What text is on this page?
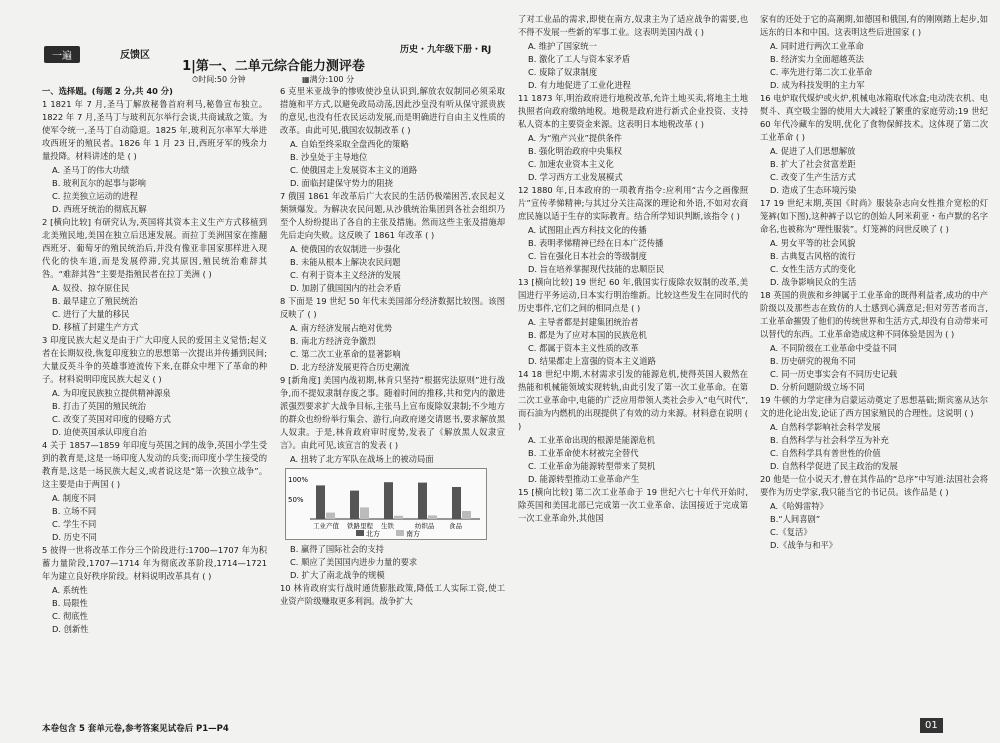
一遍	反馈区	历史・九年级下册・RJ
1|第一、二单元综合能力测评卷
⏱时间:50 分钟	▦满分:100 分
一、选择题。(每题 2 分,共 40 分)
1 1821 年 7 月,圣马丁解放秘鲁首府利马,秘鲁宣布独立。1822 年 7 月,圣马丁与玻利瓦尔举行会谈,共商诚敌之策。为使军令统一,圣马丁自动隐退。1825 年,玻利瓦尔率军大举进攻西班牙的殖民者。1826 年 1 月 23 日,西班牙军的残余力量投降。材料讲述的是 ( )
A. 圣马丁的伟大功绩
B. 玻利瓦尔的起事与影响
C. 拉美独立运动的进程
D. 西班牙统治的彻底瓦解
2 [横向比较] 有研究认为,英国将其资本主义生产方式移植到北美殖民地,美国在独立后迅速发展。而拉丁美洲国家在推翻西班牙、葡萄牙的殖民统治后,并没有像亚非国家那样进入现代化的快车道,而是发展停滞,究其原因,殖民统治难辞其咎。“难辞其咎”主要是指殖民者在拉丁美洲 ( )
A. 奴役、掠夺原住民
B. 最早建立了殖民统治
C. 进行了大量的移民
D. 移植了封建生产方式
3 印度民族大起义是由于广大印度人民的爱国主义觉悟;起义者在长期奴役,恢复印度独立的思想第一次提出并传播到民间;大量反英斗争的英雄事迹流传下来,在群众中埋下了革命的种子。材料说明印度民族大起义 ( )
A. 为印度民族独立提供精神源泉
B. 打击了英国的殖民统治
C. 改变了英国对印度的侵略方式
D. 迫使英国承认印度自治
4 关于 1857—1859 年印度与英国之间的战争,英国小学生受到的教育是,这是一场印度人发动的兵变;而印度小学生接受的教育是,这是一场民族大起义,或者说这是“第一次独立战争”。这主要是由于两国 ( )
A. 制度不同
B. 立场不同
C. 学生不同
D. 历史不同
5 彼得一世将改革工作分三个阶段进行:1700—1707 年为积蓄力量阶段,1707—1714 年为彻底改革阶段,1714—1721 年为建立良好秩序阶段。材料说明改革具有 ( )
A. 系统性
B. 局限性
C. 彻底性
D. 创新性
6 克里米亚战争的惨败使沙皇认识到,解放农奴制同必须采取措施和平方式,以避免政局动荡,因此沙皇没有听从保守派贵族的意见,也没有任农民运动发展,而是明确进行自由主义性质的改革。由此可见,俄国农奴制改革 ( )
A. 自始至终采取全盘西化的策略
B. 沙皇处于主导地位
C. 使俄国走上发展资本主义的道路
D. 面临封建保守势力的阻挠
7 俄国 1861 年改革后广大农民的生活仍极端困苦,农民起义频频爆发。为解决农民问题,从沙俄统治集团到各社会组织乃至个人纷纷提出了各自的主张及措施。然而这些主张及措施却先后走向失败。这反映了 1861 年改革 ( )
A. 使俄国的农奴制进一步强化
B. 未能从根本上解决农民问题
C. 有利于资本主义经济的发展
D. 加剧了俄国国内的社会矛盾
8 下面是 19 世纪 50 年代末美国部分经济数据比较图。该图反映了 ( )
A. 南方经济发展占绝对优势
B. 南北方经济竞争激烈
C. 第二次工业革命的显著影响
D. 北方经济发展更符合历史潮流
9 [新角度] 美国内战初期,林肯只坚持“根据宪法原则”进行战争,而不提奴隶制存废之事。随着时间的推移,共和党内的激进派强烈要求扩大战争目标,主张马上宣布废除奴隶制;不少地方的群众也纷纷举行集会、游行,向政府递交请愿书,要求解放黑人奴隶。于是,林肯政府审时度势,发表了《解放黑人奴隶宣言》。由此可见,该宣言的发表 ( )
A. 扭转了北方军队在战场上的被动局面
100%
50%
工业产值 铁路里程 生铁	纺织品 食品
北方	南方
B. 赢得了国际社会的支持
C. 顺应了美国国内进步力量的要求
D. 扩大了南北战争的规模
10 林肯政府实行战时通货膨胀政策,降低工人实际工资,使工业资产阶级赚取更多利润。战争扩大
了对工业品的需求,即使在南方,奴隶主为了适应战争的需要,也不得不发展一些新的军事工业。这表明美国内战 ( )
A. 维护了国家统一
B. 激化了工人与资本家矛盾
C. 废除了奴隶制度
D. 有力地促进了工业化进程
11 1873 年,明治政府进行地税改革,允许土地买卖,将地主土地执照者向政府缴纳地税。地税是政府进行新式企业投资、支持私人资本的主要资金来源。这表明日本地税改革 ( )
A. 为“殖产兴业”提供条件
B. 强化明治政府中央集权
C. 加速农业资本主义化
D. 学习西方工业发展模式
12 1880 年,日本政府的一项教育指令:应利用“古今之画像照片”宣传孝悌精神;与其过分关注高深的理论和外语,不如对农商庶民施以适于生存的实际教育。结合所学知识判断,该指令 ( )
A. 试图阻止西方科技文化的传播
B. 表明孝悌精神已经在日本广泛传播
C. 旨在强化日本社会的等级制度
D. 旨在培养掌握现代技能的忠顺臣民
13 [横向比较] 19 世纪 60 年,俄国实行废除农奴制的改革,美国进行平务运动,日本实行明治维新。比较这些发生在同时代的历史事件,它们之间的相同点是 ( )
A. 主导者都是封建集团统治者
B. 都是为了应对本国的民族危机
C. 都属于资本主义性质的改革
D. 结果都走上富强的资本主义道路
14 18 世纪中期,木材需求引发的能源危机,使得英国人毅然在热能和机械能领域实现转轨,由此引发了第一次工业革命。在第二次工业革命中,电能的广泛应用带领人类社会步入“电气时代”,而石油为内燃机的出现提供了有效的动力来源。材料意在说明 ( )
A. 工业革命出现的根源是能源危机
B. 工业革命使木材被完全替代
C. 工业革命为能源转型带来了契机
D. 能源转型推动工业革命产生
15 [横向比较] 第二次工业革命于 19 世纪六七十年代开始时,除英国和美国北部已完成第一次工业革命、法国接近于完成第一次工业革命外,其他国
家有的还处于它的高潮期,如德国和俄国,有的刚刚踏上起步,如远东的日本和中国。这表明这些后进国家 ( )
A. 同时进行两次工业革命
B. 经济实力全面超越英法
C. 率先进行第二次工业革命
D. 成为科技发明的主力军
16 电炉取代煤炉或火炉,机械电冰箱取代冰盒;电动洗衣机、电熨斗、真空吸尘器的使用大大减轻了繁重的家庭劳动;19 世纪 60 年代冷藏车的发明,优化了食物保鲜技术。这体现了第二次工业革命 ( )
A. 促进了人们思想解放
B. 扩大了社会贫富差距
C. 改变了生产生活方式
D. 造成了生态环境污染
17 19 世纪末期,英国《时尚》服装杂志向女性推介宽松的灯笼裤(如下图),这种裤子以它的创始人阿米莉亚・布卢默的名字命名,也被称为“理性服装”。灯笼裤的问世反映了 ( )
A. 男女平等的社会风貌
B. 古典复古风格的流行
C. 女性生活方式的变化
D. 战争影响民众的生活
18 英国的贵族和乡绅属于工业革命的既得利益者,成功的中产阶级以及那些志在致仿的人士感到心满意足;但对劳苦者而言,工业革命摧毁了他们的传统世界和生活方式,却没有自动带来可以替代的东西。工业革命造成这种不同体验是因为 ( )
A. 不同阶级在工业革命中受益不同
B. 历史研究的视角不同
C. 同一历史事实会有不同历史记载
D. 分析问题阶级立场不同
19 牛顿的力学定律为启蒙运动奠定了思想基础;斯宾塞从达尔文的进化论出发,论证了西方国家殖民的合理性。这说明 ( )
A. 自然科学影响社会科学发展
B. 自然科学与社会科学互为补充
C. 自然科学具有普世性的价值
D. 自然科学促进了民主政治的发展
20 他是一位小说天才,曾在其作品的“总序”中写道:法国社会将要作为历史学家,我只能当它的书记员。该作品是 ( )
A.《哈姆雷特》
B.“人间喜剧”
C.《复活》
D.《战争与和平》
本卷包含 5 套单元卷,参考答案见试卷后 P1—P4	01
